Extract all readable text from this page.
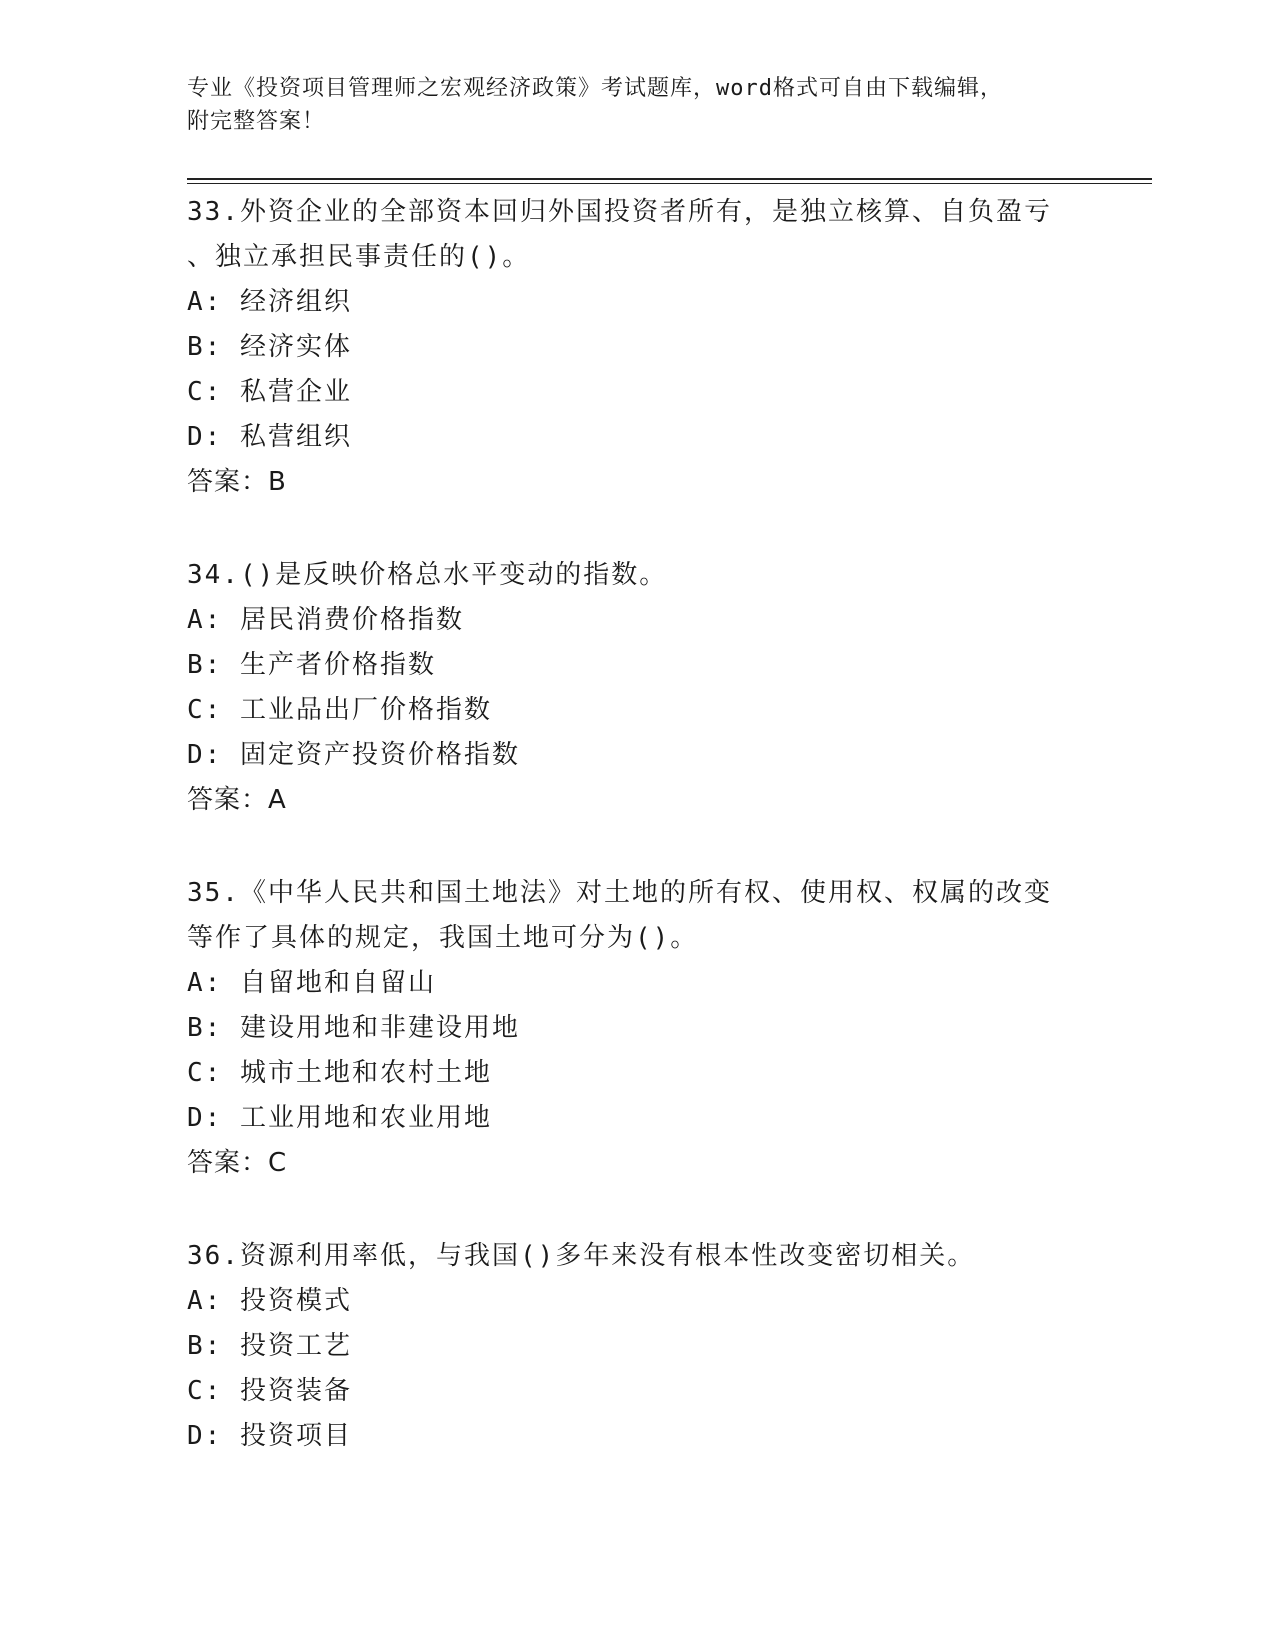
专业《投资项目管理师之宏观经济政策》考试题库，word格式可自由下载编辑，
附完整答案！
33.外资企业的全部资本回归外国投资者所有，是独立核算、自负盈亏
、独立承担民事责任的()。
A: 经济组织
B: 经济实体
C: 私营企业
D: 私营组织
答案：B
34.()是反映价格总水平变动的指数。
A: 居民消费价格指数
B: 生产者价格指数
C: 工业品出厂价格指数
D: 固定资产投资价格指数
答案：A
35.《中华人民共和国土地法》对土地的所有权、使用权、权属的改变
等作了具体的规定，我国土地可分为()。
A: 自留地和自留山
B: 建设用地和非建设用地
C: 城市土地和农村土地
D: 工业用地和农业用地
答案：C
36.资源利用率低，与我国()多年来没有根本性改变密切相关。
A: 投资模式
B: 投资工艺
C: 投资装备
D: 投资项目
